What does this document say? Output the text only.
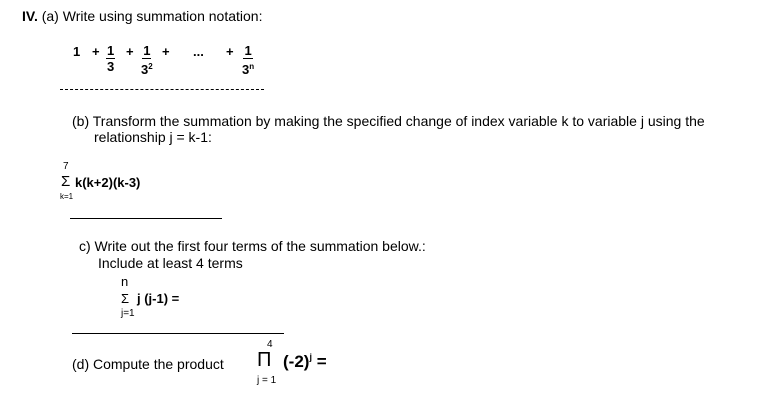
IV. (a) Write using summation notation:
$1 + \frac{1}{3} + \frac{1}{3^2}$ + ... + $\frac{1}{3^n}$
(b) Transform the summation by making the specified change of index variable k to variable j using the
relationship j = k-1:
7
Σ k(k+2)(k-3)
k=1
c) Write out the first four terms of the summation below.:
Include at least 4 terms
n
Σ j (j-1) =
j=1
(d) Compute the product
4
Π $(-2)^j$ =
j = 1
